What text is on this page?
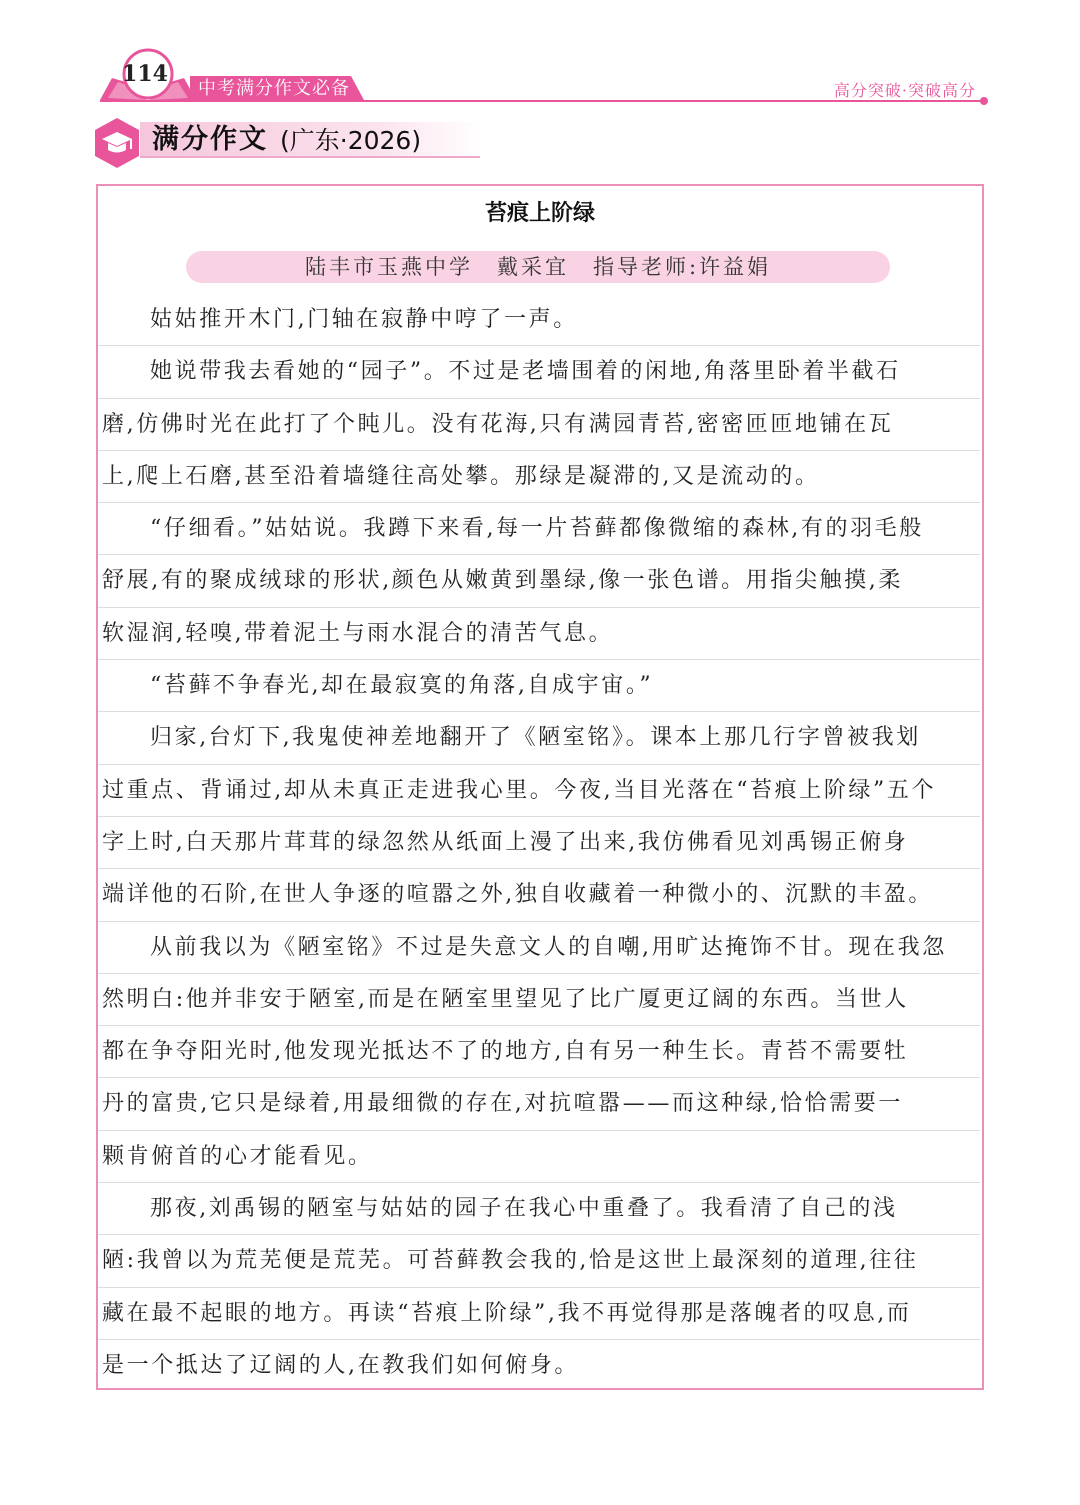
114
中考满分作文必备	高分突破·突破高分
满分作文 (广东·2026)
苔痕上阶绿
陆丰市玉燕中学　戴采宜　指导老师:许益娟
姑姑推开木门,门轴在寂静中哼了一声。
她说带我去看她的“园子”。不过是老墙围着的闲地,角落里卧着半截石
磨,仿佛时光在此打了个盹儿。没有花海,只有满园青苔,密密匝匝地铺在瓦
上,爬上石磨,甚至沿着墙缝往高处攀。那绿是凝滞的,又是流动的。
“仔细看。”姑姑说。我蹲下来看,每一片苔藓都像微缩的森林,有的羽毛般
舒展,有的聚成绒球的形状,颜色从嫩黄到墨绿,像一张色谱。用指尖触摸,柔
软湿润,轻嗅,带着泥土与雨水混合的清苦气息。
“苔藓不争春光,却在最寂寞的角落,自成宇宙。”
归家,台灯下,我鬼使神差地翻开了《陋室铭》。课本上那几行字曾被我划
过重点、背诵过,却从未真正走进我心里。今夜,当目光落在“苔痕上阶绿”五个
字上时,白天那片茸茸的绿忽然从纸面上漫了出来,我仿佛看见刘禹锡正俯身
端详他的石阶,在世人争逐的喧嚣之外,独自收藏着一种微小的、沉默的丰盈。
从前我以为《陋室铭》不过是失意文人的自嘲,用旷达掩饰不甘。现在我忽
然明白:他并非安于陋室,而是在陋室里望见了比广厦更辽阔的东西。当世人
都在争夺阳光时,他发现光抵达不了的地方,自有另一种生长。青苔不需要牡
丹的富贵,它只是绿着,用最细微的存在,对抗喧嚣——而这种绿,恰恰需要一
颗肯俯首的心才能看见。
那夜,刘禹锡的陋室与姑姑的园子在我心中重叠了。我看清了自己的浅
陋:我曾以为荒芜便是荒芜。可苔藓教会我的,恰是这世上最深刻的道理,往往
藏在最不起眼的地方。再读“苔痕上阶绿”,我不再觉得那是落魄者的叹息,而
是一个抵达了辽阔的人,在教我们如何俯身。
